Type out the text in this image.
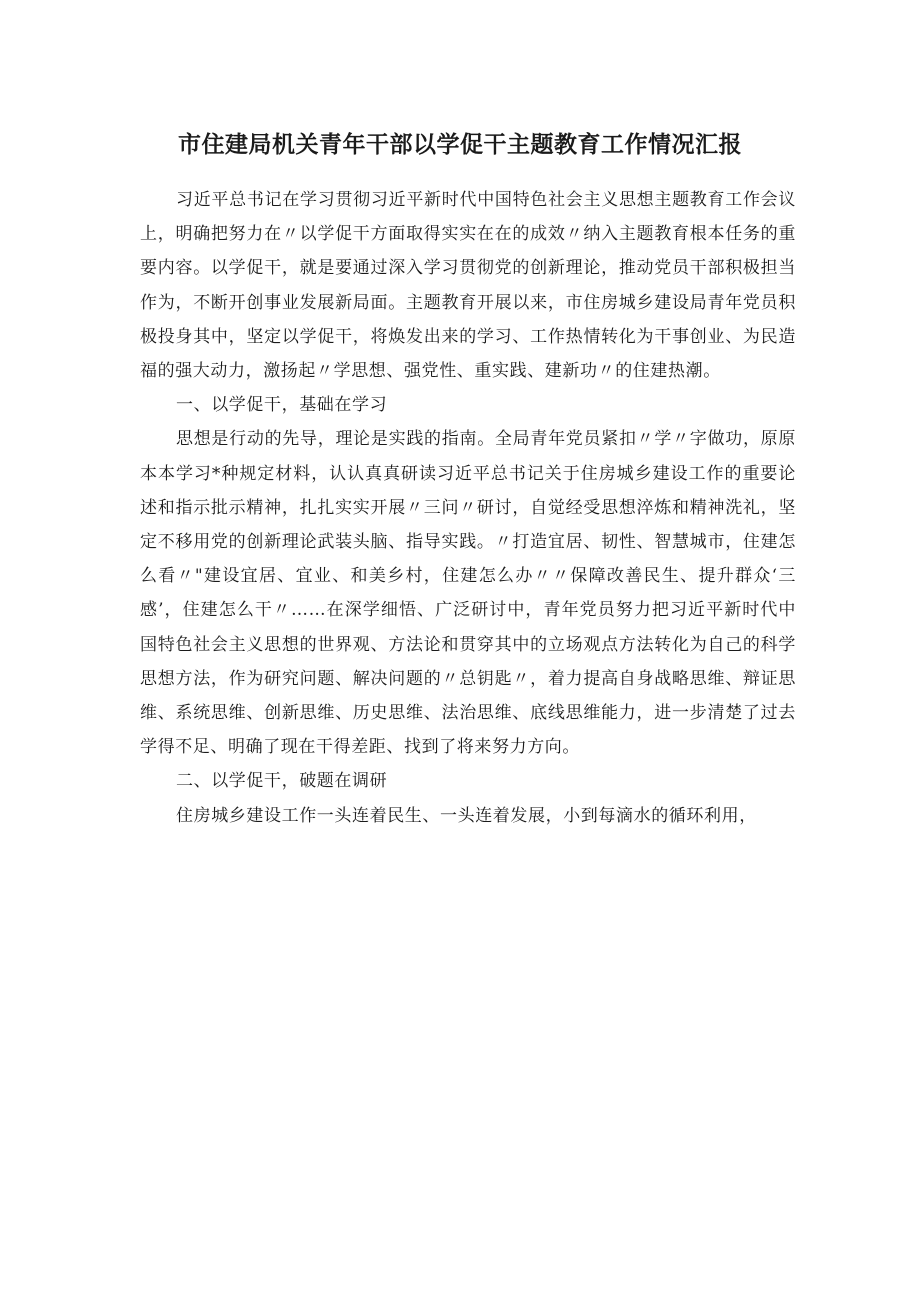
市住建局机关青年干部以学促干主题教育工作情况汇报

习近平总书记在学习贯彻习近平新时代中国特色社会主义思想主题教育工作会议上，明确把努力在〃以学促干方面取得实实在在的成效〃纳入主题教育根本任务的重要内容。以学促干，就是要通过深入学习贯彻党的创新理论，推动党员干部积极担当作为，不断开创事业发展新局面。主题教育开展以来，市住房城乡建设局青年党员积极投身其中，坚定以学促干，将焕发出来的学习、工作热情转化为干事创业、为民造福的强大动力，激扬起〃学思想、强党性、重实践、建新功〃的住建热潮。

一、以学促干，基础在学习

思想是行动的先导，理论是实践的指南。全局青年党员紧扣〃学〃字做功，原原本本学习*种规定材料，认认真真研读习近平总书记关于住房城乡建设工作的重要论述和指示批示精神，扎扎实实开展〃三问〃研讨，自觉经受思想淬炼和精神洗礼，坚定不移用党的创新理论武装头脑、指导实践。〃打造宜居、韧性、智慧城市，住建怎么看〃"建设宜居、宜业、和美乡村，住建怎么办〃〃保障改善民生、提升群众‘三感’，住建怎么干〃……在深学细悟、广泛研讨中，青年党员努力把习近平新时代中国特色社会主义思想的世界观、方法论和贯穿其中的立场观点方法转化为自己的科学思想方法，作为研究问题、解决问题的〃总钥匙〃，着力提高自身战略思维、辩证思维、系统思维、创新思维、历史思维、法治思维、底线思维能力，进一步清楚了过去学得不足、明确了现在干得差距、找到了将来努力方向。

二、以学促干，破题在调研

住房城乡建设工作一头连着民生、一头连着发展，小到每滴水的循环利用，
